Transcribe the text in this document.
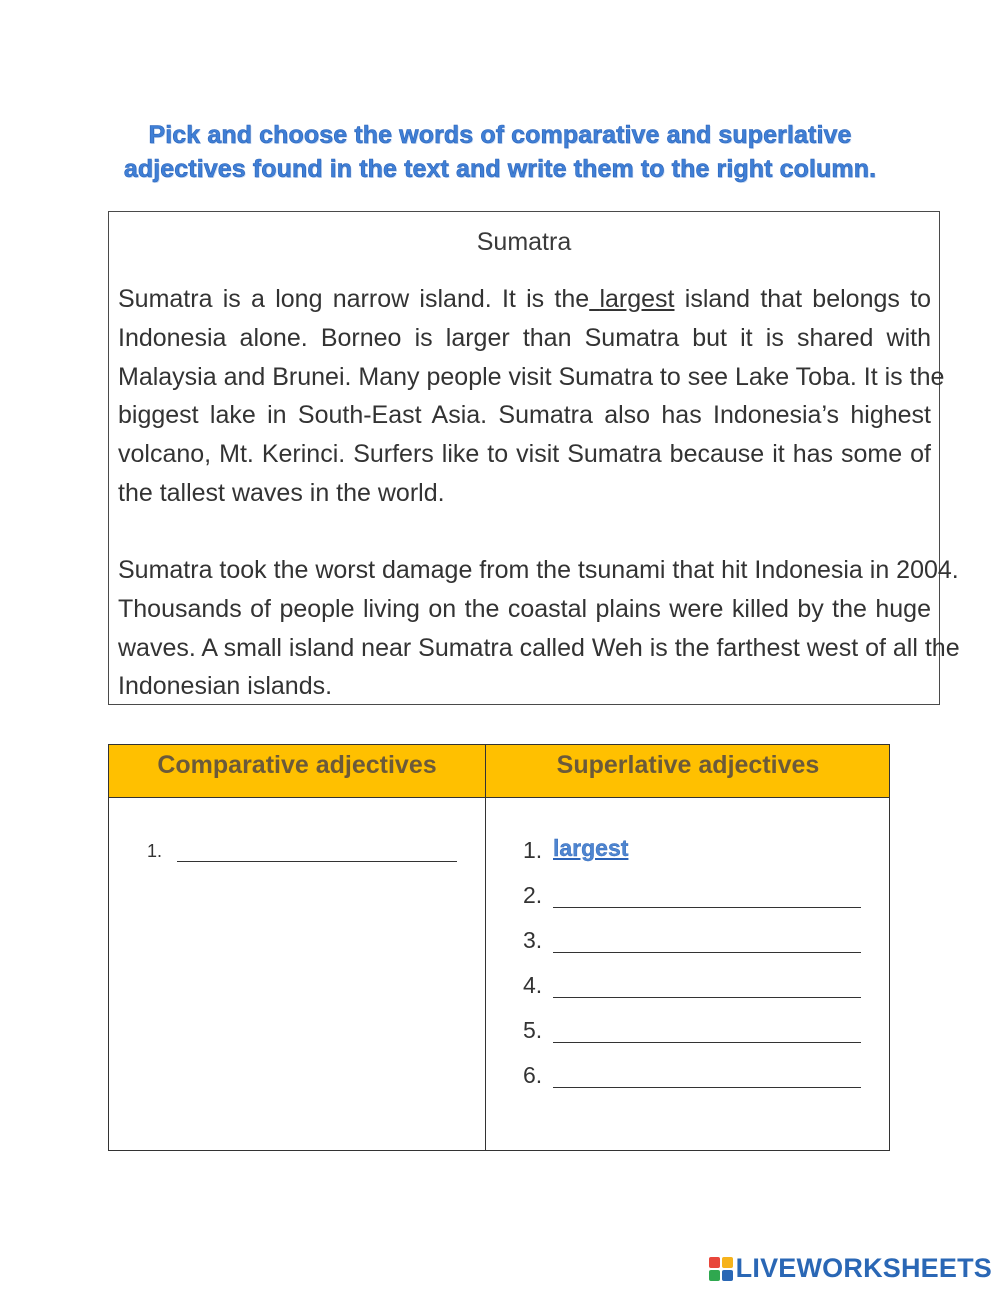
Pick and choose the words of comparative and superlative
adjectives found in the text and write them to the right column.
Sumatra
Sumatra is a long narrow island. It is the largest island that belongs to
Indonesia alone. Borneo is larger than Sumatra but it is shared with
Malaysia and Brunei. Many people visit Sumatra to see Lake Toba. It is the
biggest lake in South-East Asia. Sumatra also has Indonesia’s highest
volcano, Mt. Kerinci. Surfers like to visit Sumatra because it has some of
the tallest waves in the world.
Sumatra took the worst damage from the tsunami that hit Indonesia in 2004.
Thousands of people living on the coastal plains were killed by the huge
waves. A small island near Sumatra called Weh is the farthest west of all the
Indonesian islands.
Comparative adjectives	Superlative adjectives
1.	1. largest
2.
3.
4.
5.
6.
LIVEWORKSHEETS
